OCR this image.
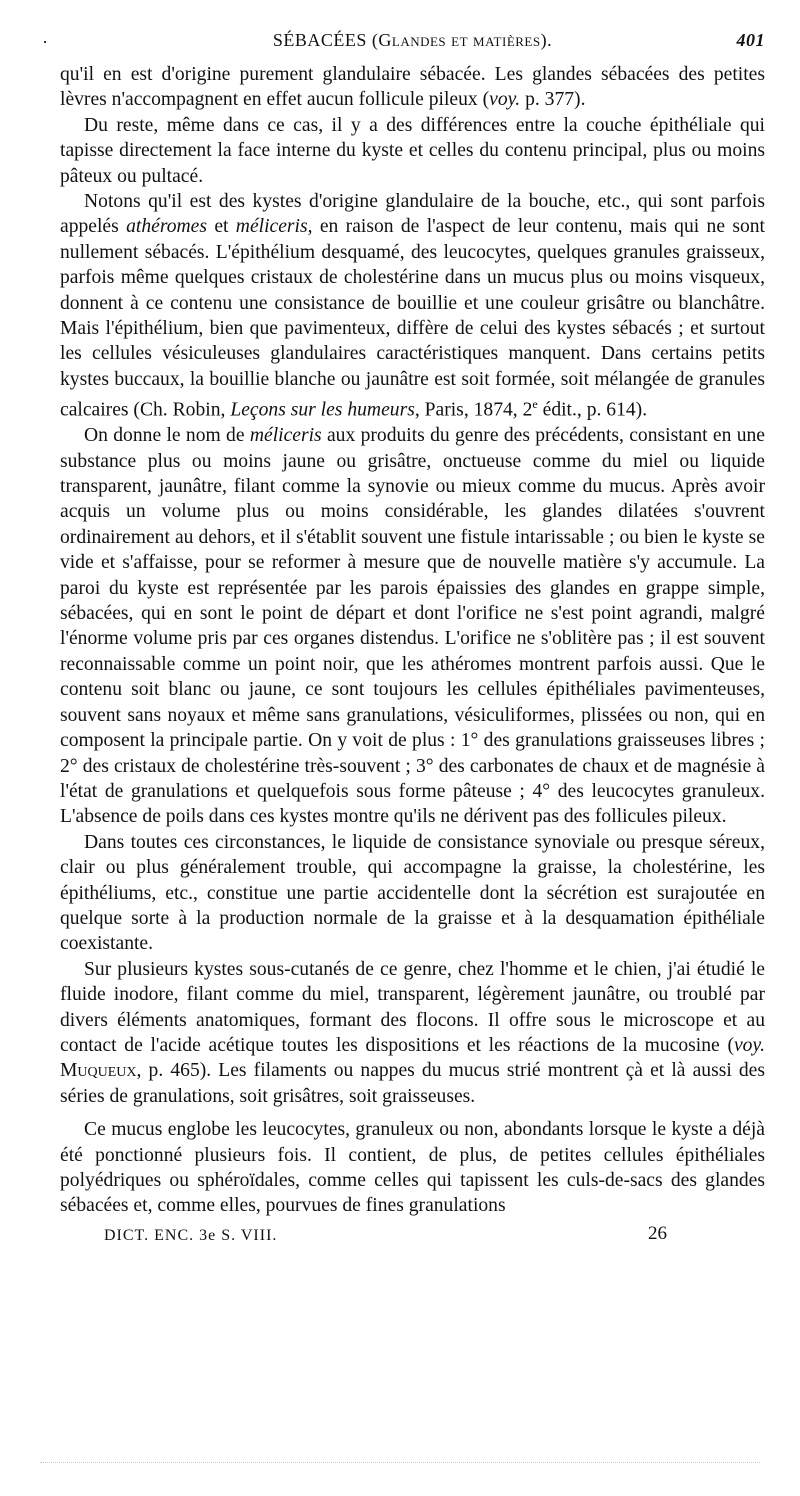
·	SÉBACÉES (Glandes et matières).	401

qu'il en est d'origine purement glandulaire sébacée. Les glandes sébacées des petites lèvres n'accompagnent en effet aucun follicule pileux (voy. p. 377).

Du reste, même dans ce cas, il y a des différences entre la couche épithéliale qui tapisse directement la face interne du kyste et celles du contenu principal, plus ou moins pâteux ou pultacé.

Notons qu'il est des kystes d'origine glandulaire de la bouche, etc., qui sont parfois appelés athéromes et méliceris, en raison de l'aspect de leur contenu, mais qui ne sont nullement sébacés. L'épithélium desquamé, des leucocytes, quelques granules graisseux, parfois même quelques cristaux de cholestérine dans un mucus plus ou moins visqueux, donnent à ce contenu une consistance de bouillie et une couleur grisâtre ou blanchâtre. Mais l'épithélium, bien que pavimenteux, diffère de celui des kystes sébacés ; et surtout les cellules vésiculeuses glandulaires caractéristiques manquent. Dans certains petits kystes buccaux, la bouillie blanche ou jaunâtre est soit formée, soit mélangée de granules calcaires (Ch. Robin, Leçons sur les humeurs, Paris, 1874, 2e édit., p. 614).

On donne le nom de méliceris aux produits du genre des précédents, consistant en une substance plus ou moins jaune ou grisâtre, onctueuse comme du miel ou liquide transparent, jaunâtre, filant comme la synovie ou mieux comme du mucus. Après avoir acquis un volume plus ou moins considérable, les glandes dilatées s'ouvrent ordinairement au dehors, et il s'établit souvent une fistule intarissable ; ou bien le kyste se vide et s'affaisse, pour se reformer à mesure que de nouvelle matière s'y accumule. La paroi du kyste est représentée par les parois épaissies des glandes en grappe simple, sébacées, qui en sont le point de départ et dont l'orifice ne s'est point agrandi, malgré l'énorme volume pris par ces organes distendus. L'orifice ne s'oblitère pas ; il est souvent reconnaissable comme un point noir, que les athéromes montrent parfois aussi. Que le contenu soit blanc ou jaune, ce sont toujours les cellules épithéliales pavimenteuses, souvent sans noyaux et même sans granulations, vésiculiformes, plissées ou non, qui en composent la principale partie. On y voit de plus : 1° des granulations graisseuses libres ; 2° des cristaux de cholestérine très-souvent ; 3° des carbonates de chaux et de magnésie à l'état de granulations et quelquefois sous forme pâteuse ; 4° des leucocytes granuleux. L'absence de poils dans ces kystes montre qu'ils ne dérivent pas des follicules pileux.

Dans toutes ces circonstances, le liquide de consistance synoviale ou presque séreux, clair ou plus généralement trouble, qui accompagne la graisse, la cholestérine, les épithéliums, etc., constitue une partie accidentelle dont la sécrétion est surajoutée en quelque sorte à la production normale de la graisse et à la desquamation épithéliale coexistante.

Sur plusieurs kystes sous-cutanés de ce genre, chez l'homme et le chien, j'ai étudié le fluide inodore, filant comme du miel, transparent, légèrement jaunâtre, ou troublé par divers éléments anatomiques, formant des flocons. Il offre sous le microscope et au contact de l'acide acétique toutes les dispositions et les réactions de la mucosine (voy. Muqueux, p. 465). Les filaments ou nappes du mucus strié montrent çà et là aussi des séries de granulations, soit grisâtres, soit graisseuses.

Ce mucus englobe les leucocytes, granuleux ou non, abondants lorsque le kyste a déjà été ponctionné plusieurs fois. Il contient, de plus, de petites cellules épithéliales polyédriques ou sphéroïdales, comme celles qui tapissent les culs-de-sacs des glandes sébacées et, comme elles, pourvues de fines granulations

DICT. ENC. 3e S. VIII.	26
